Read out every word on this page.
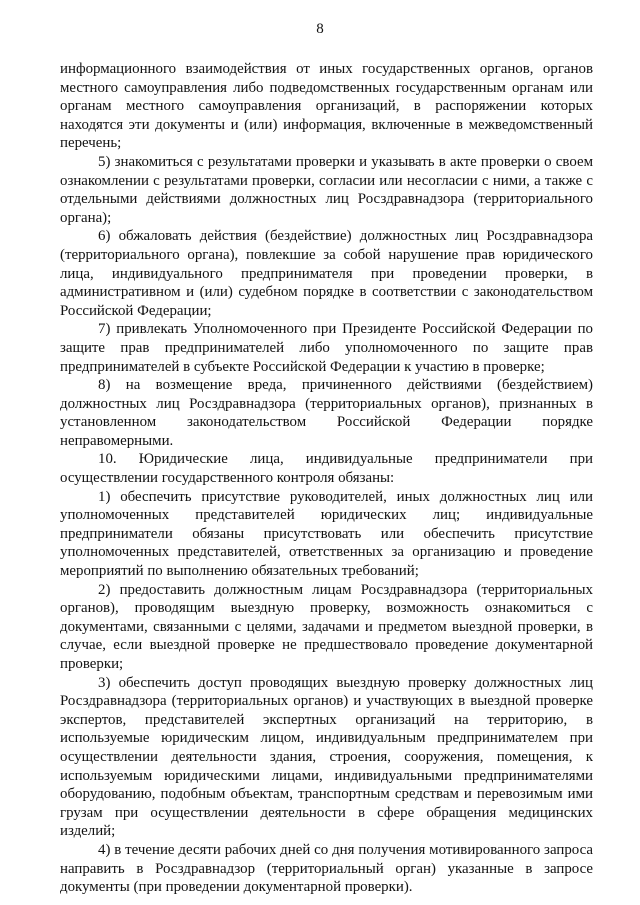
8

информационного взаимодействия от иных государственных органов, органов местного самоуправления либо подведомственных государственным органам или органам местного самоуправления организаций, в распоряжении которых находятся эти документы и (или) информация, включенные в межведомственный перечень;

5) знакомиться с результатами проверки и указывать в акте проверки о своем ознакомлении с результатами проверки, согласии или несогласии с ними, а также с отдельными действиями должностных лиц Росздравнадзора (территориального органа);

6) обжаловать действия (бездействие) должностных лиц Росздравнадзора (территориального органа), повлекшие за собой нарушение прав юридического лица, индивидуального предпринимателя при проведении проверки, в административном и (или) судебном порядке в соответствии с законодательством Российской Федерации;

7) привлекать Уполномоченного при Президенте Российской Федерации по защите прав предпринимателей либо уполномоченного по защите прав предпринимателей в субъекте Российской Федерации к участию в проверке;

8) на возмещение вреда, причиненного действиями (бездействием) должностных лиц Росздравнадзора (территориальных органов), признанных в установленном законодательством Российской Федерации порядке неправомерными.

10. Юридические лица, индивидуальные предприниматели при осуществлении государственного контроля обязаны:

1) обеспечить присутствие руководителей, иных должностных лиц или уполномоченных представителей юридических лиц; индивидуальные предприниматели обязаны присутствовать или обеспечить присутствие уполномоченных представителей, ответственных за организацию и проведение мероприятий по выполнению обязательных требований;

2) предоставить должностным лицам Росздравнадзора (территориальных органов), проводящим выездную проверку, возможность ознакомиться с документами, связанными с целями, задачами и предметом выездной проверки, в случае, если выездной проверке не предшествовало проведение документарной проверки;

3) обеспечить доступ проводящих выездную проверку должностных лиц Росздравнадзора (территориальных органов) и участвующих в выездной проверке экспертов, представителей экспертных организаций на территорию, в используемые юридическим лицом, индивидуальным предпринимателем при осуществлении деятельности здания, строения, сооружения, помещения, к используемым юридическими лицами, индивидуальными предпринимателями оборудованию, подобным объектам, транспортным средствам и перевозимым ими грузам при осуществлении деятельности в сфере обращения медицинских изделий;

4) в течение десяти рабочих дней со дня получения мотивированного запроса направить в Росздравнадзор (территориальный орган) указанные в запросе документы (при проведении документарной проверки).
